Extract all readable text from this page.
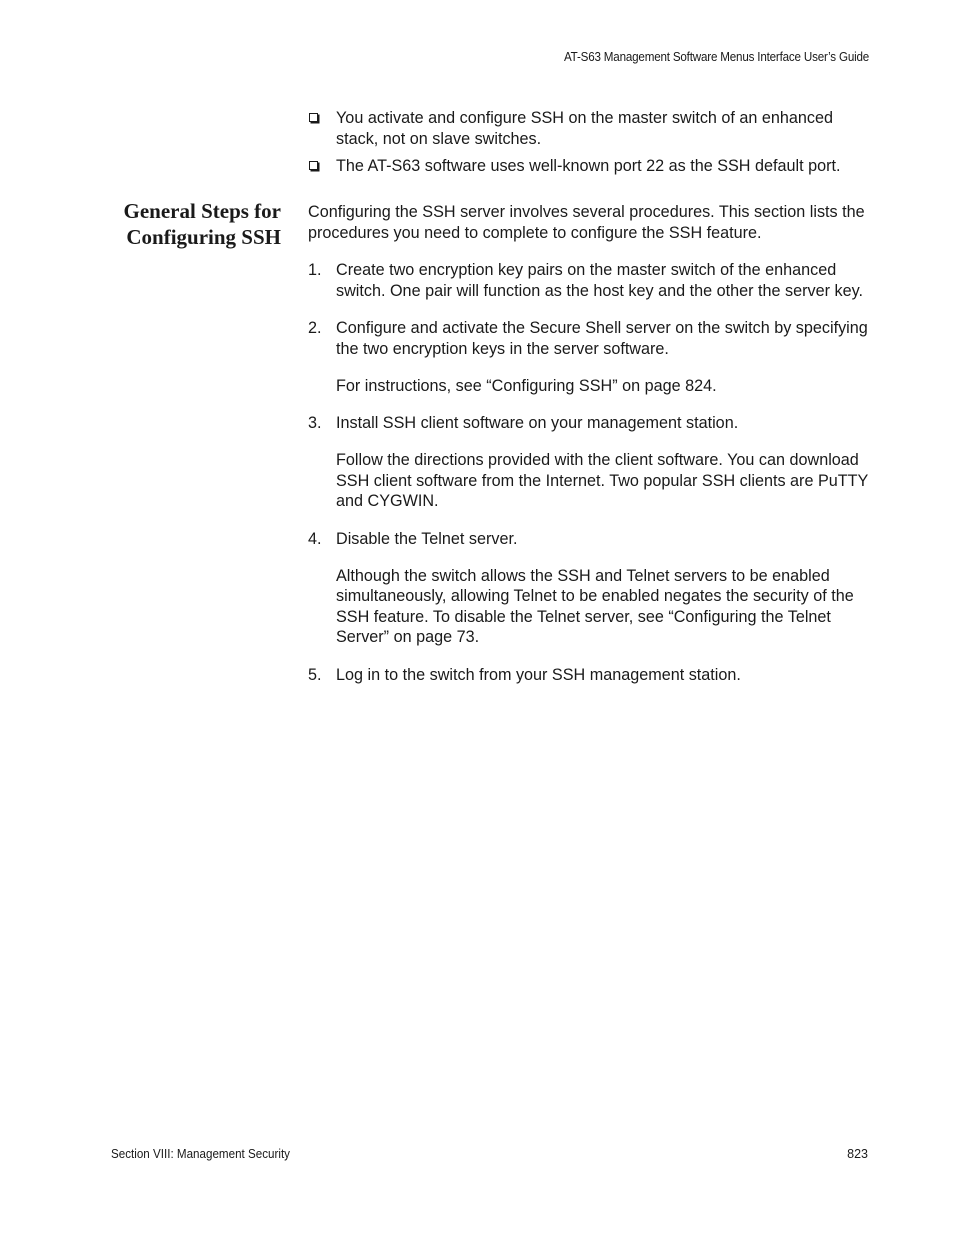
AT-S63 Management Software Menus Interface User’s Guide
You activate and configure SSH on the master switch of an enhanced stack, not on slave switches.
The AT-S63 software uses well-known port 22 as the SSH default port.
General Steps for
Configuring SSH
Configuring the SSH server involves several procedures. This section lists the procedures you need to complete to configure the SSH feature.
1. Create two encryption key pairs on the master switch of the enhanced switch. One pair will function as the host key and the other the server key.
2. Configure and activate the Secure Shell server on the switch by specifying the two encryption keys in the server software.
For instructions, see “Configuring SSH” on page 824.
3. Install SSH client software on your management station.
Follow the directions provided with the client software. You can download SSH client software from the Internet. Two popular SSH clients are PuTTY and CYGWIN.
4. Disable the Telnet server.
Although the switch allows the SSH and Telnet servers to be enabled simultaneously, allowing Telnet to be enabled negates the security of the SSH feature. To disable the Telnet server, see “Configuring the Telnet Server” on page 73.
5. Log in to the switch from your SSH management station.
Section VIII: Management Security	823
